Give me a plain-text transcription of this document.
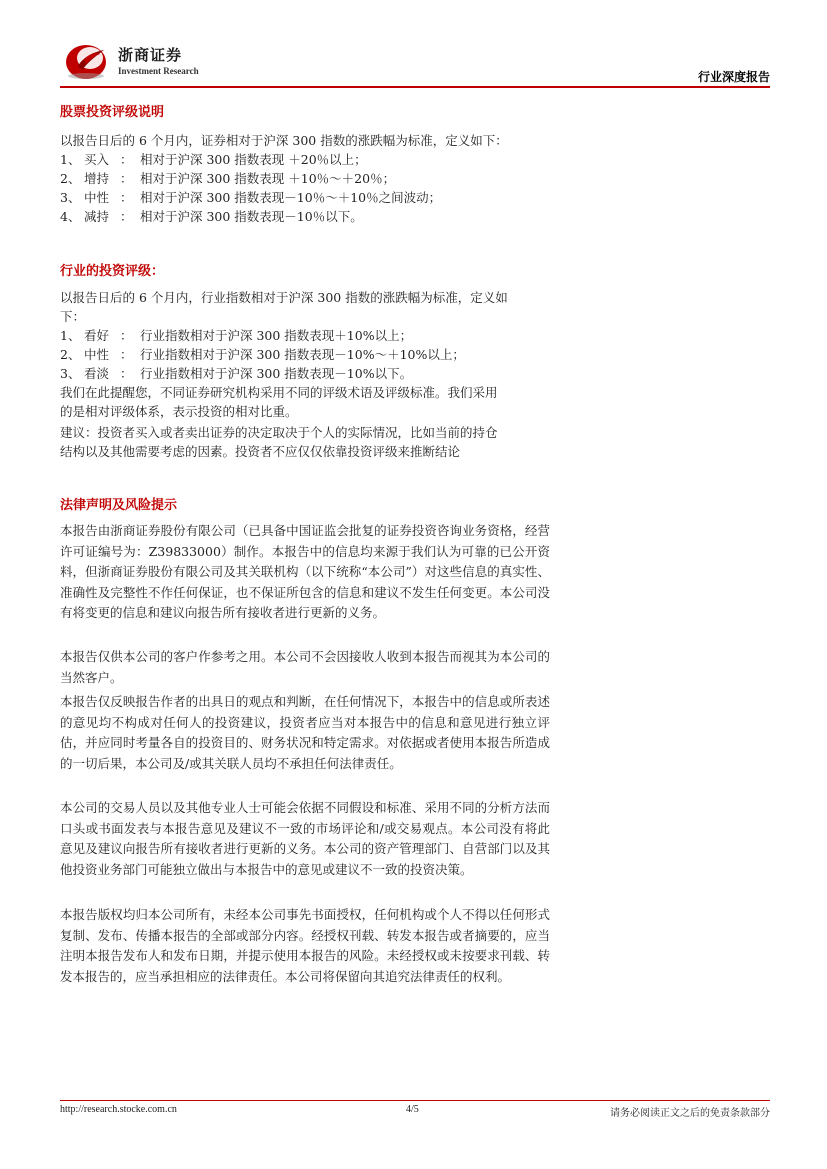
浙商证券
Investment Research	行业深度报告
股票投资评级说明
以报告日后的 6 个月内，证券相对于沪深 300 指数的涨跌幅为标准，定义如下：
1、 买入 ： 相对于沪深 300 指数表现 ＋20％以上；
2、 增持 ： 相对于沪深 300 指数表现 ＋10％～＋20％；
3、 中性 ： 相对于沪深 300 指数表现－10％～＋10％之间波动；
4、 减持 ： 相对于沪深 300 指数表现－10％以下。
行业的投资评级：
以报告日后的 6 个月内，行业指数相对于沪深 300 指数的涨跌幅为标准，定义如
下：
1、 看好 ： 行业指数相对于沪深 300 指数表现＋10%以上；
2、 中性 ： 行业指数相对于沪深 300 指数表现－10%～＋10%以上；
3、 看淡 ： 行业指数相对于沪深 300 指数表现－10%以下。
我们在此提醒您，不同证券研究机构采用不同的评级术语及评级标准。我们采用
的是相对评级体系，表示投资的相对比重。
建议：投资者买入或者卖出证券的决定取决于个人的实际情况，比如当前的持仓
结构以及其他需要考虑的因素。投资者不应仅仅依靠投资评级来推断结论
法律声明及风险提示

本报告由浙商证券股份有限公司（已具备中国证监会批复的证券投资咨询业务资格，经营许可证编号为：Z39833000）制作。本报告中的信息均来源于我们认为可靠的已公开资料，但浙商证券股份有限公司及其关联机构（以下统称“本公司”）对这些信息的真实性、准确性及完整性不作任何保证，也不保证所包含的信息和建议不发生任何变更。本公司没有将变更的信息和建议向报告所有接收者进行更新的义务。

本报告仅供本公司的客户作参考之用。本公司不会因接收人收到本报告而视其为本公司的当然客户。

本报告仅反映报告作者的出具日的观点和判断，在任何情况下，本报告中的信息或所表述的意见均不构成对任何人的投资建议，投资者应当对本报告中的信息和意见进行独立评估，并应同时考量各自的投资目的、财务状况和特定需求。对依据或者使用本报告所造成的一切后果，本公司及/或其关联人员均不承担任何法律责任。

本公司的交易人员以及其他专业人士可能会依据不同假设和标准、采用不同的分析方法而口头或书面发表与本报告意见及建议不一致的市场评论和/或交易观点。本公司没有将此意见及建议向报告所有接收者进行更新的义务。本公司的资产管理部门、自营部门以及其他投资业务部门可能独立做出与本报告中的意见或建议不一致的投资决策。

本报告版权均归本公司所有，未经本公司事先书面授权，任何机构或个人不得以任何形式复制、发布、传播本报告的全部或部分内容。经授权刊载、转发本报告或者摘要的，应当注明本报告发布人和发布日期，并提示使用本报告的风险。未经授权或未按要求刊载、转发本报告的，应当承担相应的法律责任。本公司将保留向其追究法律责任的权利。

http://research.stocke.com.cn	4/5	请务必阅读正文之后的免责条款部分
